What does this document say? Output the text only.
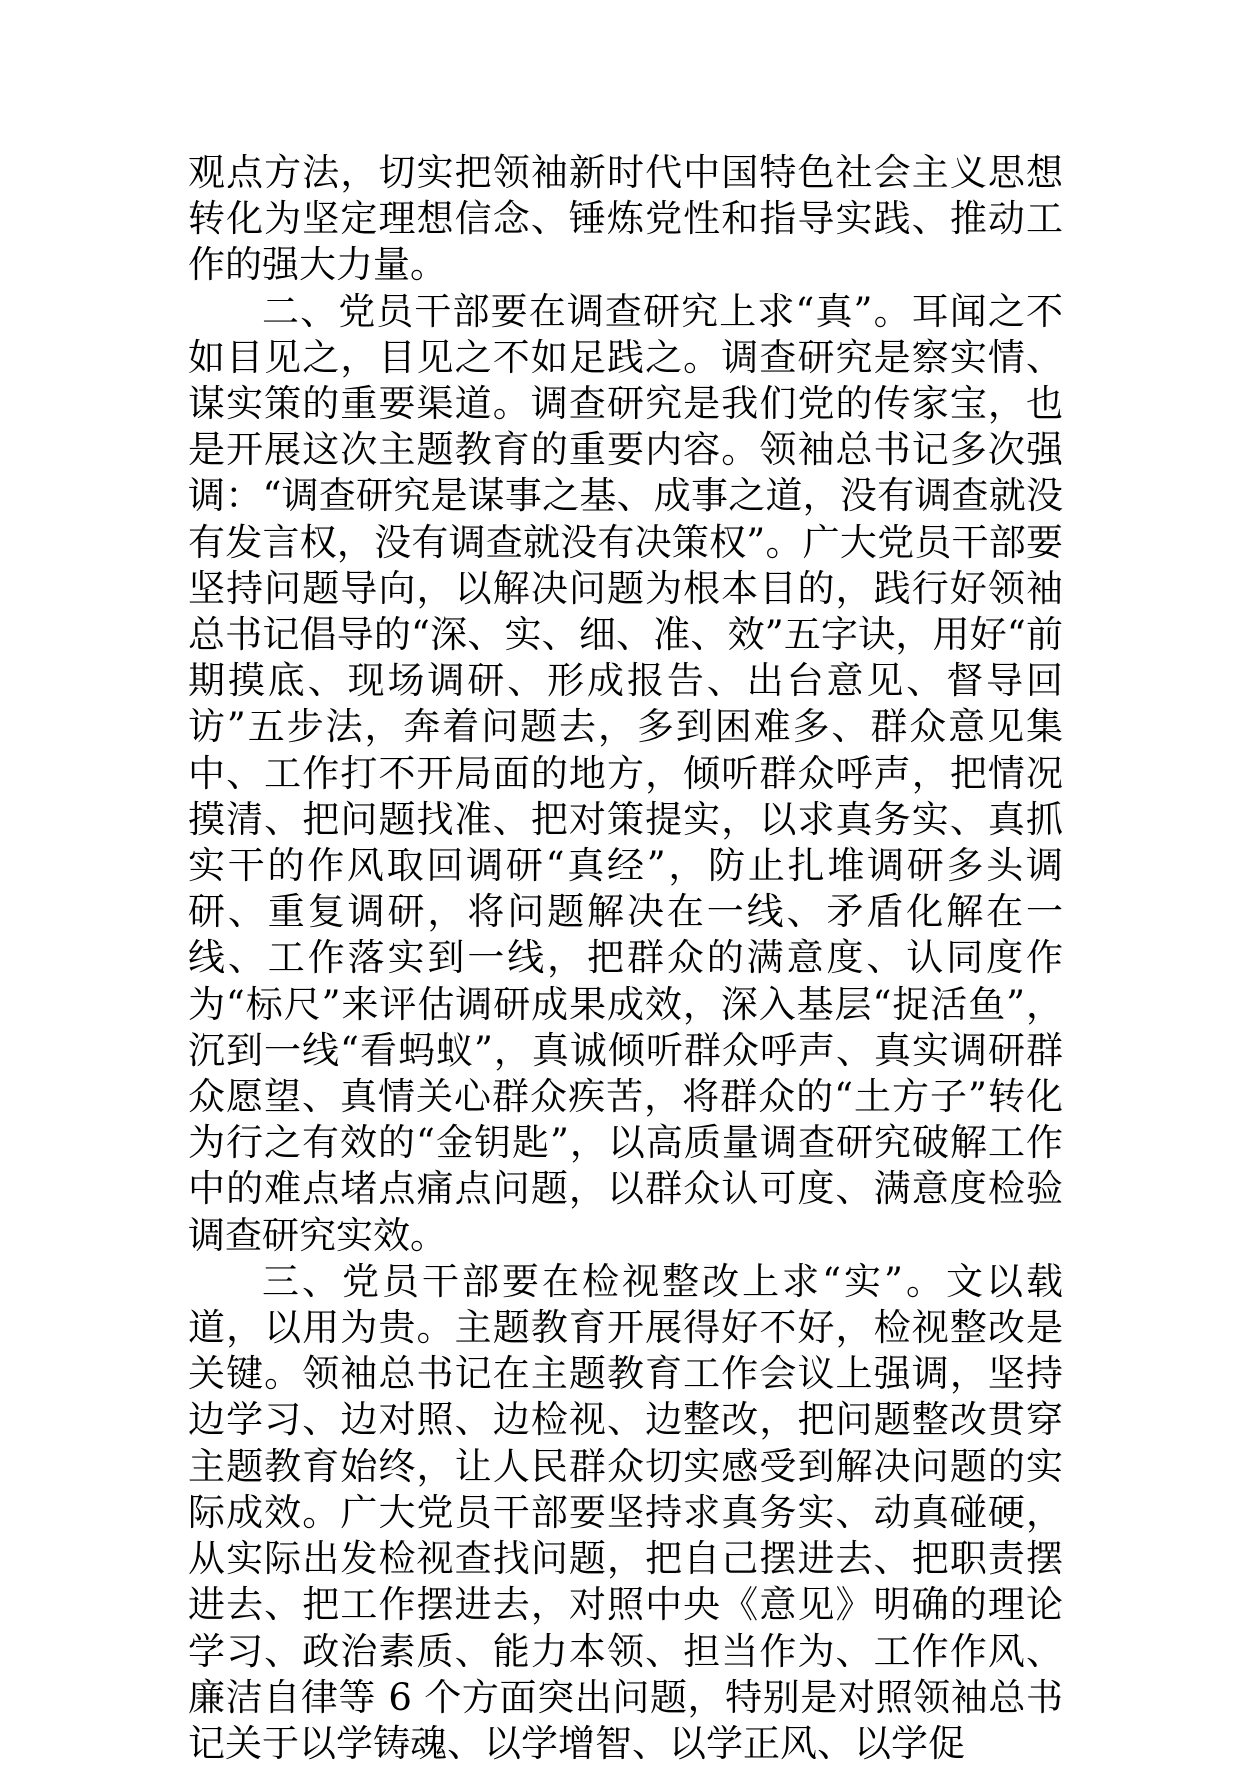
观点方法，切实把领袖新时代中国特色社会主义思想转化为坚定理想信念、锤炼党性和指导实践、推动工作的强大力量。

二、党员干部要在调查研究上求“真”。耳闻之不如目见之，目见之不如足践之。调查研究是察实情、谋实策的重要渠道。调查研究是我们党的传家宝，也是开展这次主题教育的重要内容。领袖总书记多次强调：“调查研究是谋事之基、成事之道，没有调查就没有发言权，没有调查就没有决策权”。广大党员干部要坚持问题导向，以解决问题为根本目的，践行好领袖总书记倡导的“深、实、细、准、效”五字诀，用好“前期摸底、现场调研、形成报告、出台意见、督导回访”五步法，奔着问题去，多到困难多、群众意见集中、工作打不开局面的地方，倾听群众呼声，把情况摸清、把问题找准、把对策提实，以求真务实、真抓实干的作风取回调研“真经”，防止扎堆调研多头调研、重复调研，将问题解决在一线、矛盾化解在一线、工作落实到一线，把群众的满意度、认同度作为“标尺”来评估调研成果成效，深入基层“捉活鱼”，沉到一线“看蚂蚁”，真诚倾听群众呼声、真实调研群众愿望、真情关心群众疾苦，将群众的“土方子”转化为行之有效的“金钥匙”，以高质量调查研究破解工作中的难点堵点痛点问题，以群众认可度、满意度检验调查研究实效。

三、党员干部要在检视整改上求“实”。文以载道，以用为贵。主题教育开展得好不好，检视整改是关键。领袖总书记在主题教育工作会议上强调，坚持边学习、边对照、边检视、边整改，把问题整改贯穿主题教育始终，让人民群众切实感受到解决问题的实际成效。广大党员干部要坚持求真务实、动真碰硬，从实际出发检视查找问题，把自己摆进去、把职责摆进去、把工作摆进去，对照中央《意见》明确的理论学习、政治素质、能力本领、担当作为、工作作风、廉洁自律等 6 个方面突出问题，特别是对照领袖总书记关于以学铸魂、以学增智、以学正风、以学促
